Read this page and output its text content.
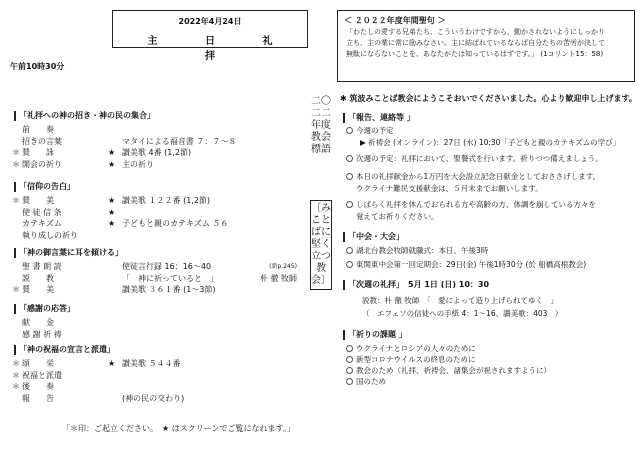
2022年4月24日
主 日 礼 拝
午前10時30分
「礼拝への神の招き・神の民の集合」
前　　奏
招きの言葉	マタイによる福音書 ７：７～８
＊ 賛　　詠	★ 讃美歌 4番 (1,2節)
＊ 開会の祈り	★ 主の祈り
「信仰の告白」
＊ 賛　　美	★ 讃美歌 １２２番 (1,2節)
使 徒 信 条	★
カテキズム	★ 子どもと親のカテキズム ５６
執り成しの祈り
「神の御言葉に耳を傾ける」
聖 書 朗 読	使徒言行録 16：16～40	(新p.245)
説　　教	「　神に祈っていると　」	朴 徹 牧師
＊ 賛　　美	讃美歌 ３６１番 (1～3節)
「感謝の応答」
献　　金
感 謝 祈 祷
「神の祝福の宣言と派遣」
＊ 頌　　栄	★ 讃美歌 ５４４番
＊ 祝福と派遣
＊ 後　　奏
報　　告	(神の民の交わり)
「＊印：ご起立ください。　★ はスクリーンでご覧になれます。」
二〇二二年度　教会標語
〔みことばに堅く立つ教会〕
＜ ２０２２年度年間聖句 ＞
「わたしの愛する兄弟たち、こういうわけですから、動かされないようにしっかり
立ち、主の業に常に励みなさい。主に結ばれているならば自分たちの苦労が決して
無駄にならないことを、あなたがたは知っているはずです。」 (1コリント15：58)
✱ 筑波みことば教会にようこそおいでくださいました。心より歓迎申し上げます。
「報告、連絡等 」
今週の予定
▶ 祈祷会 (オンライン)：27日 (水) 10:30「子どもと親のカテキズムの学び」
次週の予定：礼拝において、聖餐式を行います。祈りつつ備えましょう。
本日の礼拝献金から1万円を大会設立記念日献金としておささげします。
ウクライナ難民支援献金は、５月末までお願いします。
しばらく礼拝を休んでおられる方や高齢の方、体調を崩している方々を
覚えてお祈りください。
「中会・大会」
湖北台教会牧師就職式：本日、午後3時
東関東中会第一回定期会：29日(金) 午後1時30分 (於 船橋高根教会)
「次週の礼拝」　5月 1日 (日) 10：30
説教：朴 徹 牧師　「　愛によって造り上げられてゆく　」
（　エフェソの信徒への手紙 4：1～16、讃美歌：403　）
「祈りの課題 」
ウクライナとロシアの人々のために
新型コロナウイルスの終息のために
教会のため（礼拝、祈祷会、諸集会が祝されますように）
国のため
